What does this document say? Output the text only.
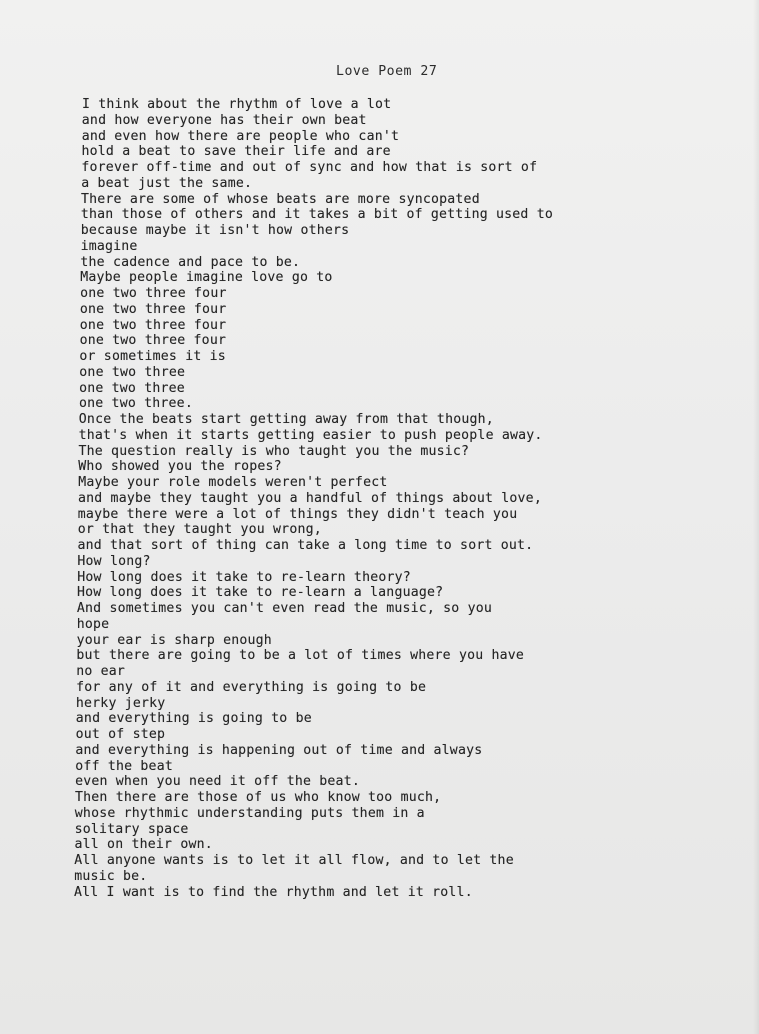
Love Poem 27
I think about the rhythm of love a lot
and how everyone has their own beat
and even how there are people who can't
hold a beat to save their life and are
forever off-time and out of sync and how that is sort of
a beat just the same.
There are some of whose beats are more syncopated
than those of others and it takes a bit of getting used to
because maybe it isn't how others
imagine
the cadence and pace to be.
Maybe people imagine love go to
one two three four
one two three four
one two three four
one two three four
or sometimes it is
one two three
one two three
one two three.
Once the beats start getting away from that though,
that's when it starts getting easier to push people away.
The question really is who taught you the music?
Who showed you the ropes?
Maybe your role models weren't perfect
and maybe they taught you a handful of things about love,
maybe there were a lot of things they didn't teach you
or that they taught you wrong,
and that sort of thing can take a long time to sort out.
How long?
How long does it take to re-learn theory?
How long does it take to re-learn a language?
And sometimes you can't even read the music, so you
hope
your ear is sharp enough
but there are going to be a lot of times where you have
no ear
for any of it and everything is going to be
herky jerky
and everything is going to be
out of step
and everything is happening out of time and always
off the beat
even when you need it off the beat.
Then there are those of us who know too much,
whose rhythmic understanding puts them in a
solitary space
all on their own.
All anyone wants is to let it all flow, and to let the
music be.
All I want is to find the rhythm and let it roll.
